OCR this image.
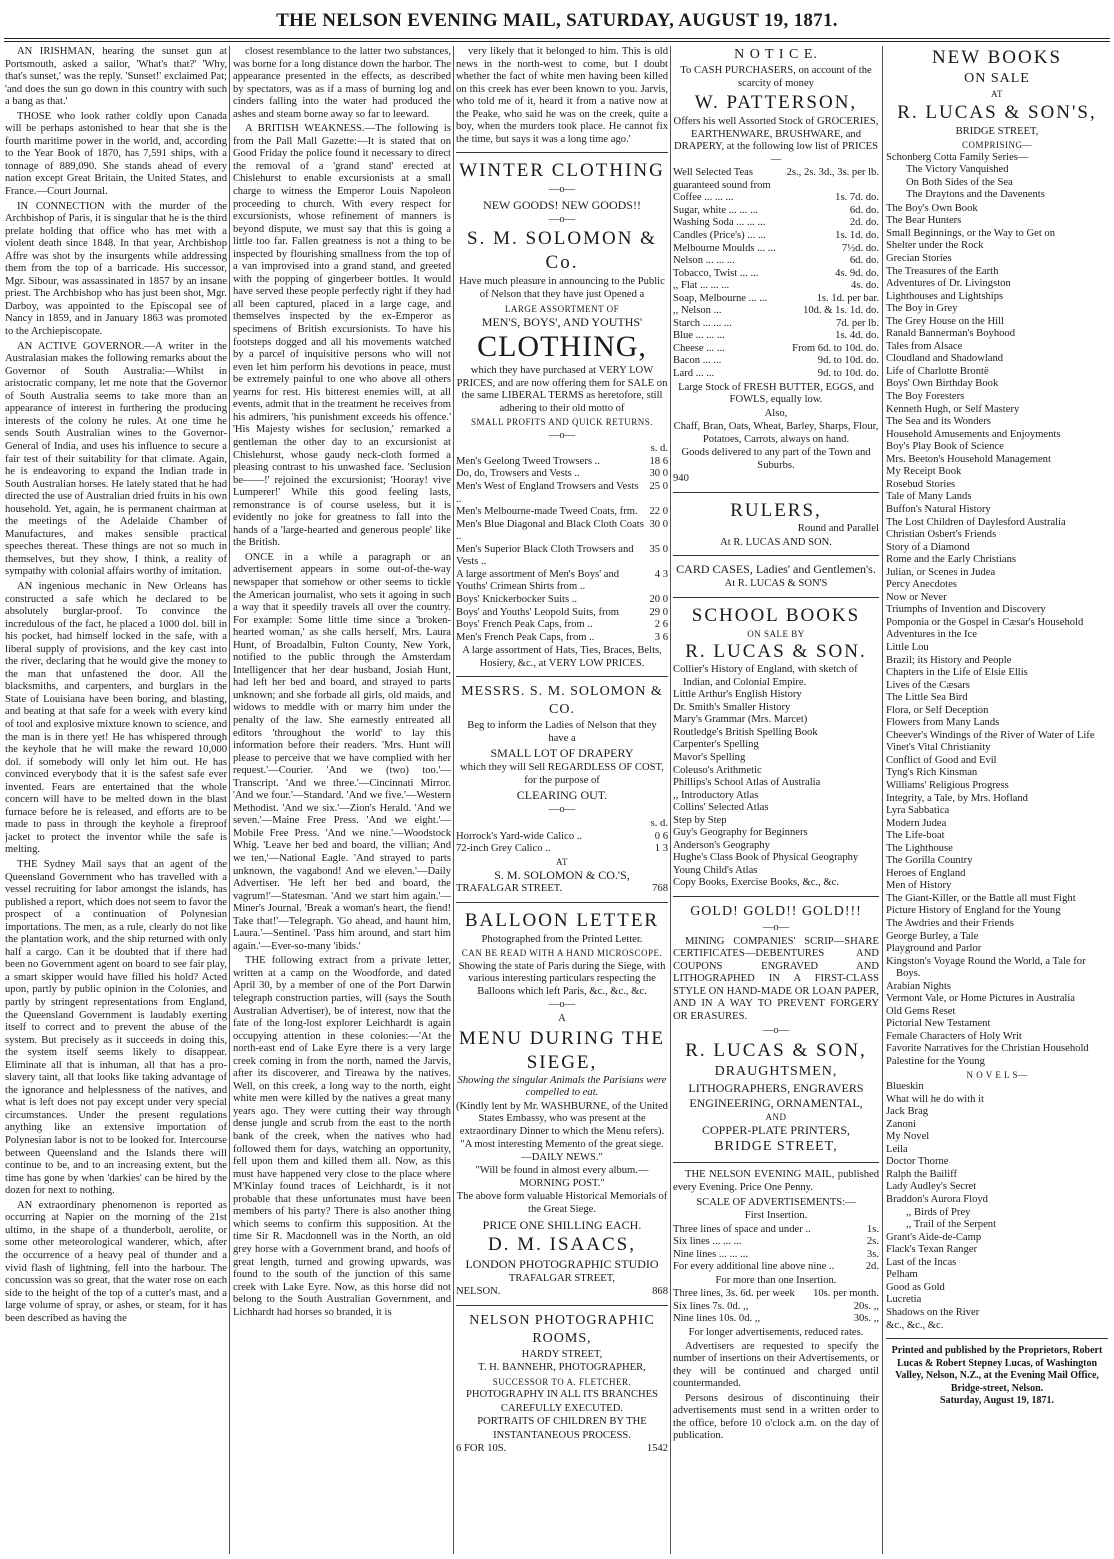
THE NELSON EVENING MAIL, SATURDAY, AUGUST 19, 1871.
AN IRISHMAN, hearing the sunset gun at Portsmouth, asked a sailor, 'What's that?' 'Why, that's sunset,' was the reply. 'Sunset!' exclaimed Pat; 'and does the sun go down in this country with such a bang as that.'
THOSE who look rather coldly upon Canada will be perhaps astonished to hear that she is the fourth maritime power in the world, and, according to the Year Book of 1870, has 7,591 ships, with a tonnage of 889,090. She stands ahead of every nation except Great Britain, the United States, and France.—Court Journal.
IN CONNECTION with the murder of the Archbishop of Paris, it is singular that he is the third prelate holding that office who has met with a violent death since 1848. In that year, Archbishop Affre was shot by the insurgents while addressing them from the top of a barricade. His successor, Mgr. Sibour, was assassinated in 1857 by an insane priest. The Archbishop who has just been shot, Mgr. Darboy, was appointed to the Episcopal see of Nancy in 1859, and in January 1863 was promoted to the Archiepiscopate.
AN ACTIVE GOVERNOR.—A writer in the Australasian makes the following remarks about the Governor of South Australia:—Whilst in aristocratic company, let me note that the Governor of South Australia seems to take more than an appearance of interest in furthering the producing interests of the colony he rules. At one time he sends South Australian wines to the Governor-General of India, and uses his influence to secure a fair test of their suitability for that climate. Again, he is endeavoring to expand the Indian trade in South Australian horses. He lately stated that he had directed the use of Australian dried fruits in his own household. Yet, again, he is permanent chairman at the meetings of the Adelaide Chamber of Manufactures, and makes sensible practical speeches thereat. These things are not so much in themselves, but they show, I think, a reality of sympathy with colonial affairs worthy of imitation.
AN ingenious mechanic in New Orleans has constructed a safe which he declared to be absolutely burglar-proof. To convince the incredulous of the fact, he placed a 1000 dol. bill in his pocket, had himself locked in the safe, with a liberal supply of provisions, and the key cast into the river, declaring that he would give the money to the man that unfastened the door. All the blacksmiths, and carpenters, and burglars in the State of Louisiana have been boring, and blasting, and beating at that safe for a week with every kind of tool and explosive mixture known to science, and the man is in there yet! He has whispered through the keyhole that he will make the reward 10,000 dol. if somebody will only let him out. He has convinced everybody that it is the safest safe ever invented. Fears are entertained that the whole concern will have to be melted down in the blast furnace before he is released, and efforts are to be made to pass in through the keyhole a fireproof jacket to protect the inventor while the safe is melting.
THE Sydney Mail says that an agent of the Queensland Government who has travelled with a vessel recruiting for labor amongst the islands, has published a report, which does not seem to favor the prospect of a continuation of Polynesian importations. The men, as a rule, clearly do not like the plantation work, and the ship returned with only half a cargo. Can it be doubted that if there had been no Government agent on board to see fair play, a smart skipper would have filled his hold? Acted upon, partly by public opinion in the Colonies, and partly by stringent representations from England, the Queensland Government is laudably exerting itself to correct and to prevent the abuse of the system. But precisely as it succeeds in doing this, the system itself seems likely to disappear. Eliminate all that is inhuman, all that has a pro-slavery taint, all that looks like taking advantage of the ignorance and helplessness of the natives, and what is left does not pay except under very special circumstances. Under the present regulations anything like an extensive importation of Polynesian labor is not to be looked for. Intercourse between Queensland and the Islands there will continue to be, and to an increasing extent, but the time has gone by when 'darkies' can be hired by the dozen for next to nothing.
AN extraordinary phenomenon is reported as occurring at Napier on the morning of the 21st ultimo, in the shape of a thunderbolt, aerolite, or some other meteorological wanderer, which, after the occurrence of a heavy peal of thunder and a vivid flash of lightning, fell into the harbour. The concussion was so great, that the water rose on each side to the height of the top of a cutter's mast, and a large volume of spray, or ashes, or steam, for it has been described as having the
closest resemblance to the latter two substances, was borne for a long distance down the harbor. The appearance presented in the effects, as described by spectators, was as if a mass of burning log and cinders falling into the water had produced the ashes and steam borne away so far to leeward.
A BRITISH WEAKNESS.—The following is from the Pall Mall Gazette:—It is stated that on Good Friday the police found it necessary to direct the removal of a 'grand stand' erected at Chislehurst to enable excursionists at a small charge to witness the Emperor Louis Napoleon proceeding to church. With every respect for excursionists, whose refinement of manners is beyond dispute, we must say that this is going a little too far. Fallen greatness is not a thing to be inspected by flourishing smallness from the top of a van improvised into a grand stand, and greeted with the popping of gingerbeer bottles. It would have served these people perfectly right if they had all been captured, placed in a large cage, and themselves inspected by the ex-Emperor as specimens of British excursionists. To have his footsteps dogged and all his movements watched by a parcel of inquisitive persons who will not even let him perform his devotions in peace, must be extremely painful to one who above all others yearns for rest. His bitterest enemies will, at all events, admit that in the treatment he receives from his admirers, 'his punishment exceeds his offence.' 'His Majesty wishes for seclusion,' remarked a gentleman the other day to an excursionist at Chislehurst, whose gaudy neck-cloth formed a pleasing contrast to his unwashed face. 'Seclusion be——!' rejoined the excursionist; 'Hooray! vive Lumperer!' While this good feeling lasts, remonstrance is of course useless, but it is evidently no joke for greatness to fall into the hands of a 'large-hearted and generous people' like the British.
ONCE in a while a paragraph or an advertisement appears in some out-of-the-way newspaper that somehow or other seems to tickle the American journalist, who sets it agoing in such a way that it speedily travels all over the country. For example: Some little time since a 'broken-hearted woman,' as she calls herself, Mrs. Laura Hunt, of Broadalbin, Fulton County, New York, notified to the public through the Amsterdam Intelligencer that her dear husband, Josiah Hunt, had left her bed and board, and strayed to parts unknown; and she forbade all girls, old maids, and widows to meddle with or marry him under the penalty of the law. She earnestly entreated all editors 'throughout the world' to lay this information before their readers. 'Mrs. Hunt will please to perceive that we have complied with her request.'—Courier. 'And we (two) too.'—Transcript. 'And we three.'—Cincinnati Mirror. 'And we four.'—Standard. 'And we five.'—Western Methodist. 'And we six.'—Zion's Herald. 'And we seven.'—Maine Free Press. 'And we eight.'—Mobile Free Press. 'And we nine.'—Woodstock Whig. 'Leave her bed and board, the villian; And we ten,'—National Eagle. 'And strayed to parts unknown, the vagabond! And we eleven.'—Daily Advertiser. 'He left her bed and board, the vagrum!'—Statesman. 'And we start him again.'—Miner's Journal. 'Break a woman's heart, the fiend! Take that!'—Telegraph. 'Go ahead, and haunt him, Laura.'—Sentinel. 'Pass him around, and start him again.'—Ever-so-many 'ibids.'
THE following extract from a private letter, written at a camp on the Woodforde, and dated April 30, by a member of one of the Port Darwin telegraph construction parties, will (says the South Australian Advertiser), be of interest, now that the fate of the long-lost explorer Leichhardt is again occupying attention in these colonies:—'At the north-east end of Lake Eyre there is a very large creek coming in from the north, named the Jarvis, after its discoverer, and Tireawa by the natives. Well, on this creek, a long way to the north, eight white men were killed by the natives a great many years ago. They were cutting their way through dense jungle and scrub from the east to the north bank of the creek, when the natives who had followed them for days, watching an opportunity, fell upon them and killed them all. Now, as this must have happened very close to the place where M'Kinlay found traces of Leichhardt, is it not probable that these unfortunates must have been members of his party? There is also another thing which seems to confirm this supposition. At the time Sir R. Macdonnell was in the North, an old grey horse with a Government brand, and hoofs of great length, turned and growing upwards, was found to the south of the junction of this same creek with Lake Eyre. Now, as this horse did not belong to the South Australian Government, and Lichhardt had horses so branded, it is
very likely that it belonged to him. This is old news in the north-west to come, but I doubt whether the fact of white men having been killed on this creek has ever been known to you. Jarvis, who told me of it, heard it from a native now at the Peake, who said he was on the creek, quite a boy, when the murders took place. He cannot fix the time, but says it was a long time ago.'
WINTER CLOTHING
—o—
NEW GOODS! NEW GOODS!!
—o—
S. M. SOLOMON & Co.
Have much pleasure in announcing to the Public of Nelson that they have just Opened a
LARGE ASSORTMENT OF
MEN'S, BOYS', AND YOUTHS'
CLOTHING,
which they have purchased at VERY LOW PRICES, and are now offering them for SALE on the same LIBERAL TERMS as heretofore, still adhering to their old motto of
SMALL PROFITS AND QUICK RETURNS.
—o—
s. d.
Men's Geelong Tweed Trowsers ..	18 6
Do, do, Trowsers and Vests ..	30 0
Men's West of England Trowsers and Vests ..
25 0
Men's Melbourne-made Tweed Coats, frm. 22 0
Men's Blue Diagonal and Black Cloth Coats ..
30 0
Men's Superior Black Cloth Trowsers and Vests ..
35 0
A large assortment of Men's Boys' and Youths' Crimean Shirts from ..
4 3
Boys' Knickerbocker Suits ..	20 0
Boys' and Youths' Leopold Suits, from	29 0
Boys' French Peak Caps, from ..	2 6
Men's French Peak Caps, from ..	3 6
A large assortment of Hats, Ties, Braces, Belts, Hosiery, &c., at VERY LOW PRICES.
MESSRS. S. M. SOLOMON & CO.
Beg to inform the Ladies of Nelson that they have a
SMALL LOT OF DRAPERY
which they will Sell REGARDLESS OF COST, for the purpose of
CLEARING OUT.
—o—
s. d.
Horrock's Yard-wide Calico ..	0 6
72-inch Grey Calico ..	1 3
AT
S. M. SOLOMON & CO.'S,
TRAFALGAR STREET.	768
BALLOON LETTER
Photographed from the Printed Letter.
CAN BE READ WITH A HAND MICROSCOPE.
Showing the state of Paris during the Siege, with various interesting particulars respecting the Balloons which left Paris, &c., &c., &c.
—o—
A
MENU DURING THE SIEGE,
Showing the singular Animals the Parisians were compelled to eat.
(Kindly lent by Mr. WASHBURNE, of the United States Embassy, who was present at the extraordinary Dinner to which the Menu refers).
"A most interesting Memento of the great siege.—DAILY NEWS."
"Will be found in almost every album.—MORNING POST."
The above form valuable Historical Memorials of the Great Siege.
PRICE ONE SHILLING EACH.
D. M. ISAACS,
LONDON PHOTOGRAPHIC STUDIO
TRAFALGAR STREET,
NELSON.	868
NELSON PHOTOGRAPHIC ROOMS,
HARDY STREET,
T. H. BANNEHR, PHOTOGRAPHER,
SUCCESSOR TO A. FLETCHER.
PHOTOGRAPHY IN ALL ITS BRANCHES
CAREFULLY EXECUTED.
PORTRAITS OF CHILDREN BY THE
INSTANTANEOUS PROCESS.
6 FOR 10S.	1542
N O T I C E.
To CASH PURCHASERS, on account of the scarcity of money
W. PATTERSON,
Offers his well Assorted Stock of GROCERIES, EARTHENWARE, BRUSHWARE, and DRAPERY, at the following low list of PRICES—
Well Selected Teas guaranteed sound from
2s., 2s. 3d., 3s. per lb.
Coffee ... ... ...	1s. 7d. do.
Sugar, white ... ... ...	6d. do.
Washing Soda ... ... ...	2d. do.
Candles (Price's) ... ...	1s. 1d. do.
Melbourne Moulds ... ...	7½d. do.
Nelson ... ... ...	6d. do.
Tobacco, Twist ... ...	4s. 9d. do.
,, Flat ... ... ...	4s. do.
Soap, Melbourne ... ...	1s. 1d. per bar.
,, Nelson ...	10d. & 1s. 1d. do.
Starch ... ... ...	7d. per lb.
Blue ... ... ...	1s. 4d. do.
Cheese ... ...	From 6d. to 10d. do.
Bacon ... ...	9d. to 10d. do.
Lard ... ...	9d. to 10d. do.
Large Stock of FRESH BUTTER, EGGS, and FOWLS, equally low.
Also,
Chaff, Bran, Oats, Wheat, Barley, Sharps, Flour, Potatoes, Carrots, always on hand.
Goods delivered to any part of the Town and Suburbs.
940
RULERS,
Round and Parallel
At R. LUCAS AND SON.
CARD CASES, Ladies' and Gentlemen's.
At R. LUCAS & SON'S
SCHOOL BOOKS
ON SALE BY
R. LUCAS & SON.
Collier's History of England, with sketch of Indian, and Colonial Empire.
Little Arthur's English History
Dr. Smith's Smaller History
Mary's Grammar (Mrs. Marcet)
Routledge's British Spelling Book
Carpenter's Spelling
Mavor's Spelling
Coleuso's Arithmetic
Phillips's School Atlas of Australia
,, Introductory Atlas
Collins' Selected Atlas
Step by Step
Guy's Geography for Beginners
Anderson's Geography
Hughe's Class Book of Physical Geography
Young Child's Atlas
Copy Books, Exercise Books, &c., &c.
GOLD! GOLD!! GOLD!!!
—o—
MINING COMPANIES' SCRIP—SHARE CERTIFICATES—DEBENTURES AND COUPONS ENGRAVED AND LITHOGRAPHED IN A FIRST-CLASS STYLE ON HAND-MADE OR LOAN PAPER, AND IN A WAY TO PREVENT FORGERY OR ERASURES.
—o—
R. LUCAS & SON,
DRAUGHTSMEN,
LITHOGRAPHERS, ENGRAVERS
ENGINEERING, ORNAMENTAL,
AND
COPPER-PLATE PRINTERS,
BRIDGE STREET,
THE NELSON EVENING MAIL, published every Evening. Price One Penny.
SCALE OF ADVERTISEMENTS:—
First Insertion.
Three lines of space and under ..	1s.
Six lines ... ... ...	2s.
Nine lines ... ... ...	3s.
For every additional line above nine ..	2d.
For more than one Insertion.
Three lines, 3s. 6d. per week 10s. per month.
Six lines 7s. 0d. ,,	20s. ,,
Nine lines 10s. 0d. ,,	30s. ,,
For longer advertisements, reduced rates.
Advertisers are requested to specify the number of insertions on their Advertisements, or they will be continued and charged until countermanded.
Persons desirous of discontinuing their advertisements must send in a written order to the office, before 10 o'clock a.m. on the day of publication.
NEW BOOKS
ON SALE
AT
R. LUCAS & SON'S,
BRIDGE STREET,
COMPRISING—
Schonberg Cotta Family Series—
The Victory Vanquished
On Both Sides of the Sea
The Draytons and the Davenents
The Boy's Own Book
The Bear Hunters
Small Beginnings, or the Way to Get on
Shelter under the Rock
Grecian Stories
The Treasures of the Earth
Adventures of Dr. Livingston
Lighthouses and Lightships
The Boy in Grey
The Grey House on the Hill
Ranald Bannerman's Boyhood
Tales from Alsace
Cloudland and Shadowland
Life of Charlotte Brontë
Boys' Own Birthday Book
The Boy Foresters
Kenneth Hugh, or Self Mastery
The Sea and its Wonders
Household Amusements and Enjoyments
Boy's Play Book of Science
Mrs. Beeton's Household Management
My Receipt Book
Rosebud Stories
Tale of Many Lands
Buffon's Natural History
The Lost Children of Daylesford Australia
Christian Osbert's Friends
Story of a Diamond
Rome and the Early Christians
Julian, or Scenes in Judea
Percy Anecdotes
Now or Never
Triumphs of Invention and Discovery
Pomponia or the Gospel in Cæsar's Household
Adventures in the Ice
Little Lou
Brazil; its History and People
Chapters in the Life of Elsie Ellis
Lives of the Cæsars
The Little Sea Bird
Flora, or Self Deception
Flowers from Many Lands
Cheever's Windings of the River of Water of Life
Vinet's Vital Christianity
Conflict of Good and Evil
Tyng's Rich Kinsman
Williams' Religious Progress
Integrity, a Tale, by Mrs. Hofland
Lyra Sabbatica
Modern Judea
The Life-boat
The Lighthouse
The Gorilla Country
Heroes of England
Men of History
The Giant-Killer, or the Battle all must Fight
Picture History of England for the Young
The Awdries and their Friends
George Burley, a Tale
Playground and Parlor
Kingston's Voyage Round the World, a Tale for Boys.
Arabian Nights
Vermont Vale, or Home Pictures in Australia
Old Gems Reset
Pictorial New Testament
Female Characters of Holy Writ
Favorite Narratives for the Christian Household
Palestine for the Young
N O V E L S—
Blueskin
What will he do with it
Jack Brag
Zanoni
My Novel
Leila
Doctor Thorne
Ralph the Bailiff
Lady Audley's Secret
Braddon's Aurora Floyd
,, Birds of Prey
,, Trail of the Serpent
Grant's Aide-de-Camp
Flack's Texan Ranger
Last of the Incas
Pelham
Good as Gold
Lucretia
Shadows on the River
&c., &c., &c.
Printed and published by the Proprietors, Robert Lucas & Robert Stepney Lucas, of Washington Valley, Nelson, N.Z., at the Evening Mail Office, Bridge-street, Nelson.
Saturday, August 19, 1871.
